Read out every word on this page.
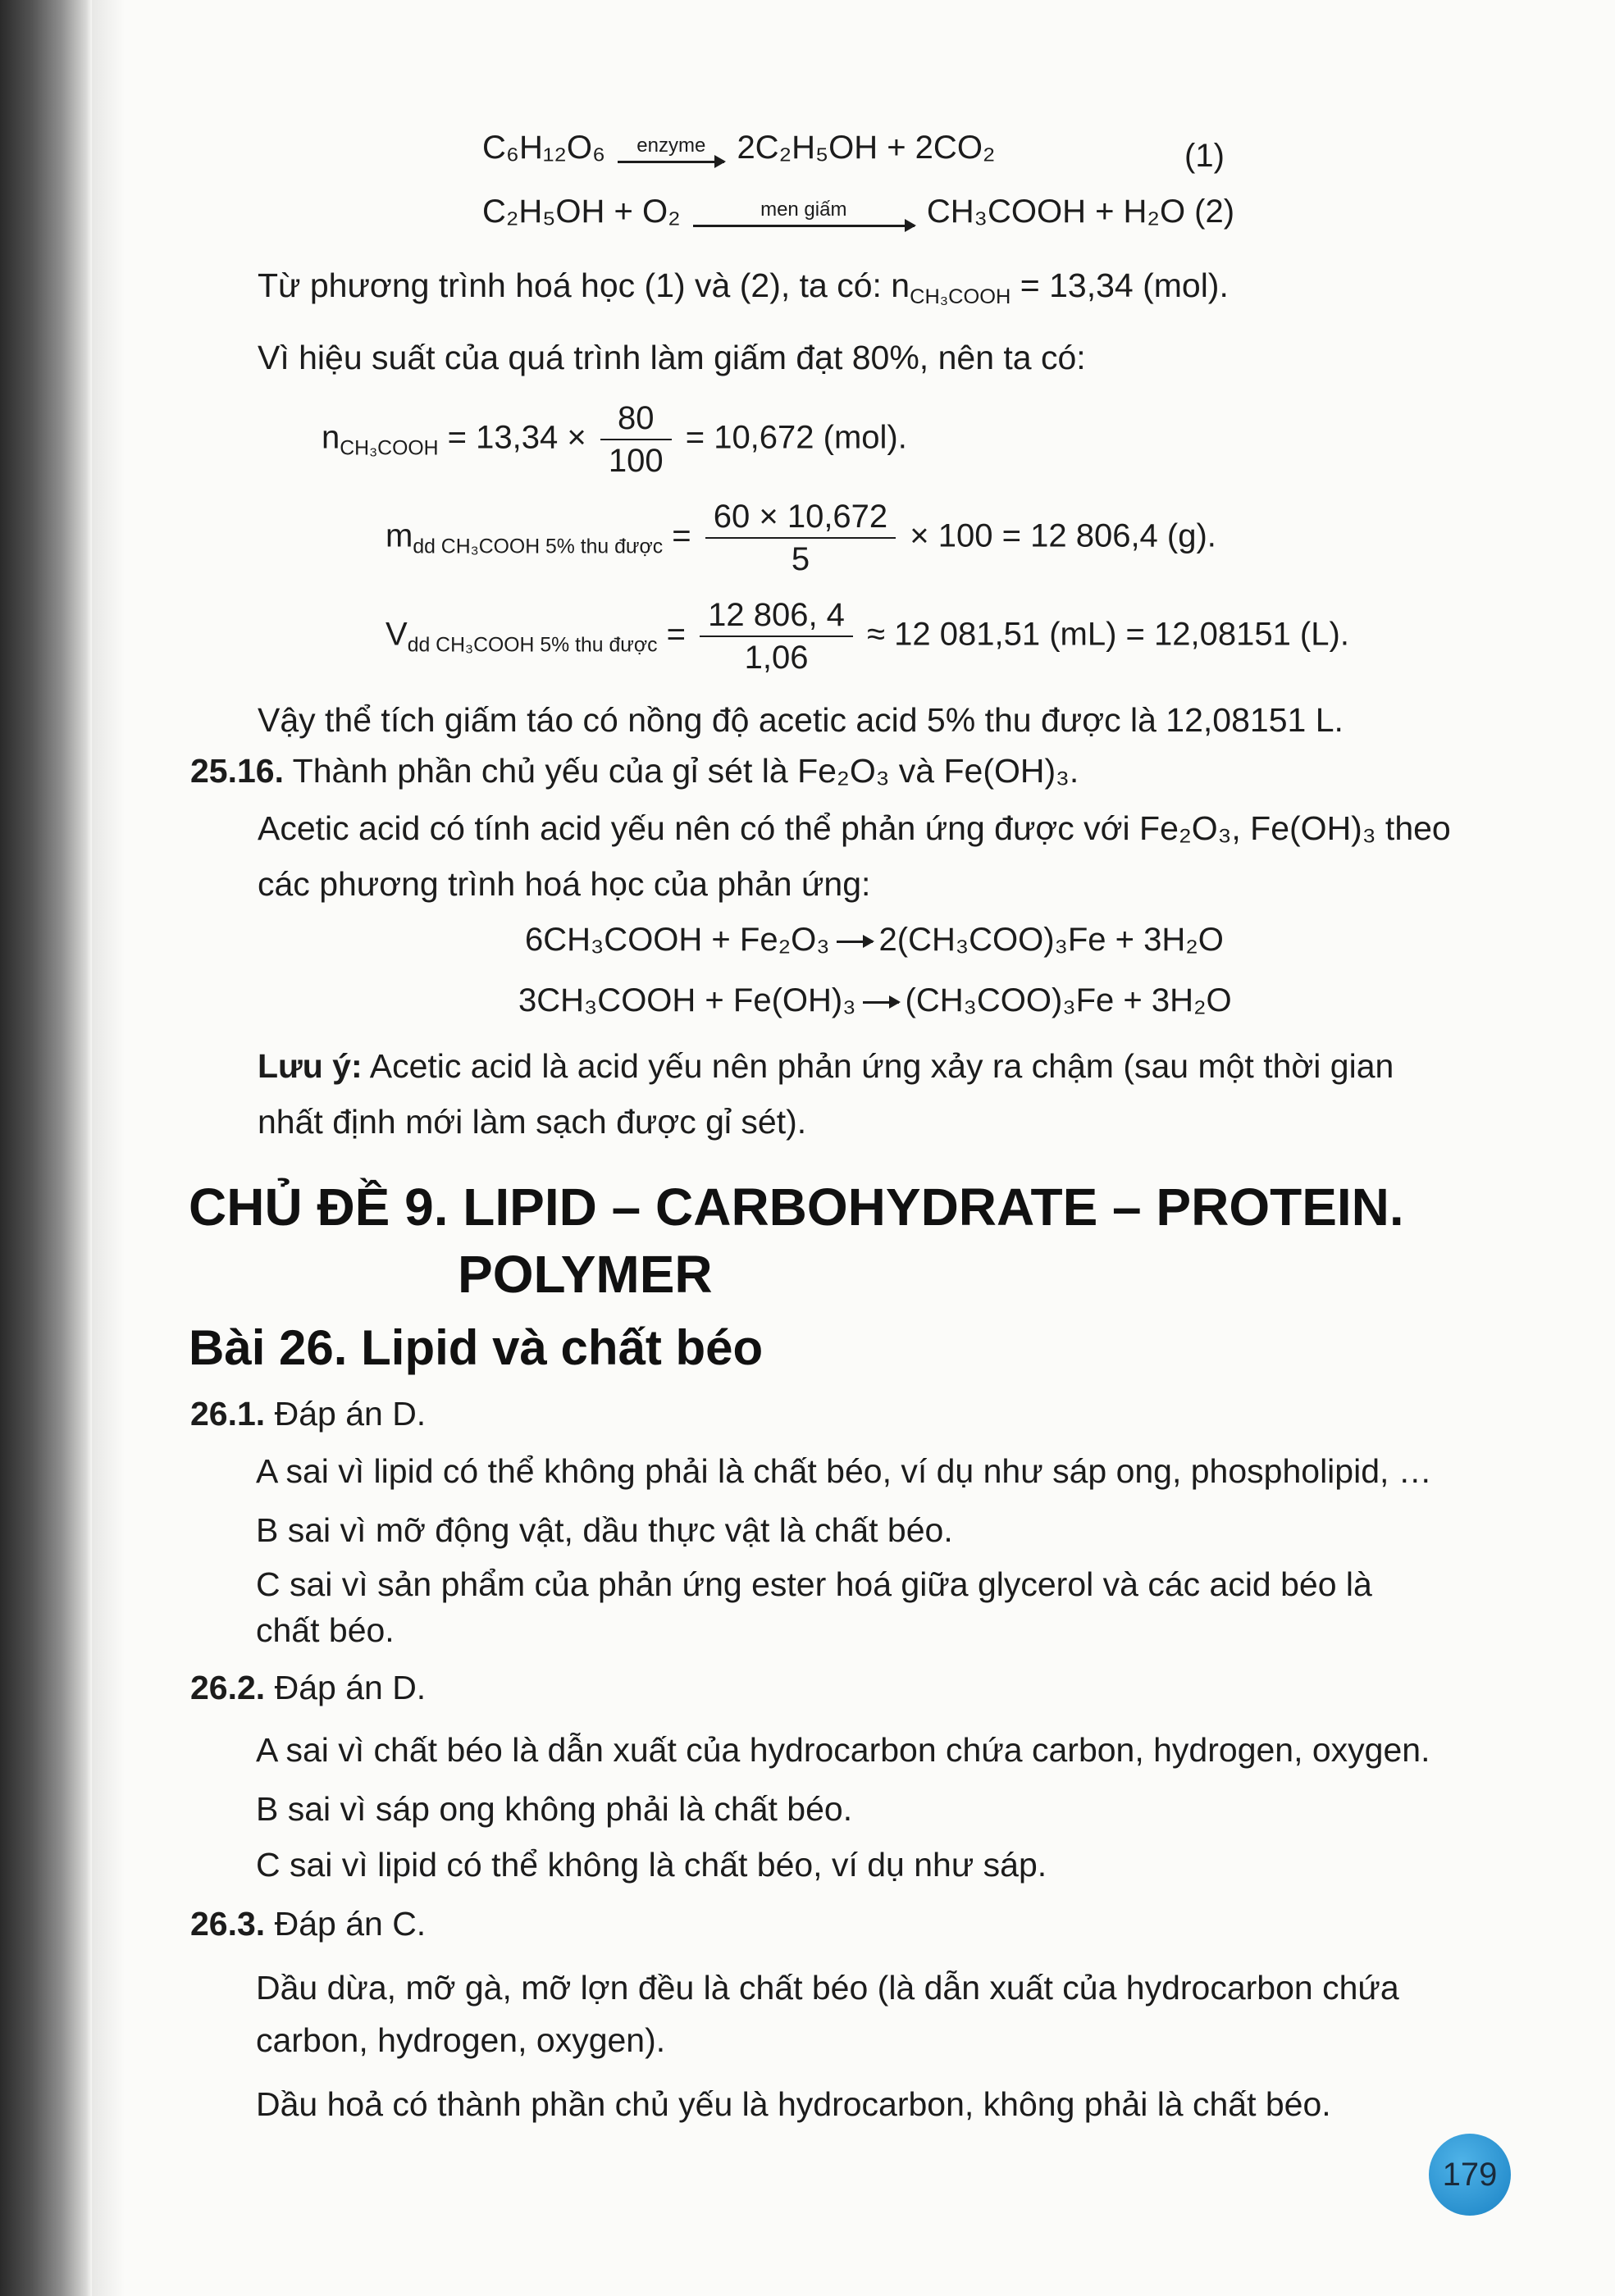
C₆H₁₂O₆	enzyme 2C₂H₅OH + 2CO₂	(1)
C₂H₅OH + O₂	men giấm	CH₃COOH + H₂O (2)
Từ phương trình hoá học (1) và (2), ta có: $n_{CH_3COOH} = 13,34$ (mol).
Vì hiệu suất của quá trình làm giấm đạt 80%, nên ta có:
$n_{CH_3COOH} = 13,34 \times \frac{80}{100} = 10,672$ (mol).
$m_{dd CH_3COOH 5\% thu được} = \frac{60 \times 10,672}{5} \times 100 = 12$ 806,4 (g).
$V_{dd CH_3COOH 5\% thu được} = \frac{12 806, 4}{1,06} \approx 12$ 081,51 (mL) = 12,08151 (L).
Vậy thể tích giấm táo có nồng độ acetic acid 5% thu được là 12,08151 L.
25.16. Thành phần chủ yếu của gỉ sét là Fe₂O₃ và Fe(OH)₃.
Acetic acid có tính acid yếu nên có thể phản ứng được với Fe₂O₃, Fe(OH)₃ theo
các phương trình hoá học của phản ứng:
6CH₃COOH + Fe₂O₃ → 2(CH₃COO)₃Fe + 3H₂O
3CH₃COOH + Fe(OH)₃ → (CH₃COO)₃Fe + 3H₂O
Lưu ý: Acetic acid là acid yếu nên phản ứng xảy ra chậm (sau một thời gian
nhất định mới làm sạch được gỉ sét).
CHỦ ĐỀ 9. LIPID – CARBOHYDRATE – PROTEIN.
POLYMER
Bài 26. Lipid và chất béo
26.1. Đáp án D.
A sai vì lipid có thể không phải là chất béo, ví dụ như sáp ong, phospholipid, …
B sai vì mỡ động vật, dầu thực vật là chất béo.
C sai vì sản phẩm của phản ứng ester hoá giữa glycerol và các acid béo là
chất béo.
26.2. Đáp án D.
A sai vì chất béo là dẫn xuất của hydrocarbon chứa carbon, hydrogen, oxygen.
B sai vì sáp ong không phải là chất béo.
C sai vì lipid có thể không là chất béo, ví dụ như sáp.
26.3. Đáp án C.
Dầu dừa, mỡ gà, mỡ lợn đều là chất béo (là dẫn xuất của hydrocarbon chứa
carbon, hydrogen, oxygen).
Dầu hoả có thành phần chủ yếu là hydrocarbon, không phải là chất béo.
179
